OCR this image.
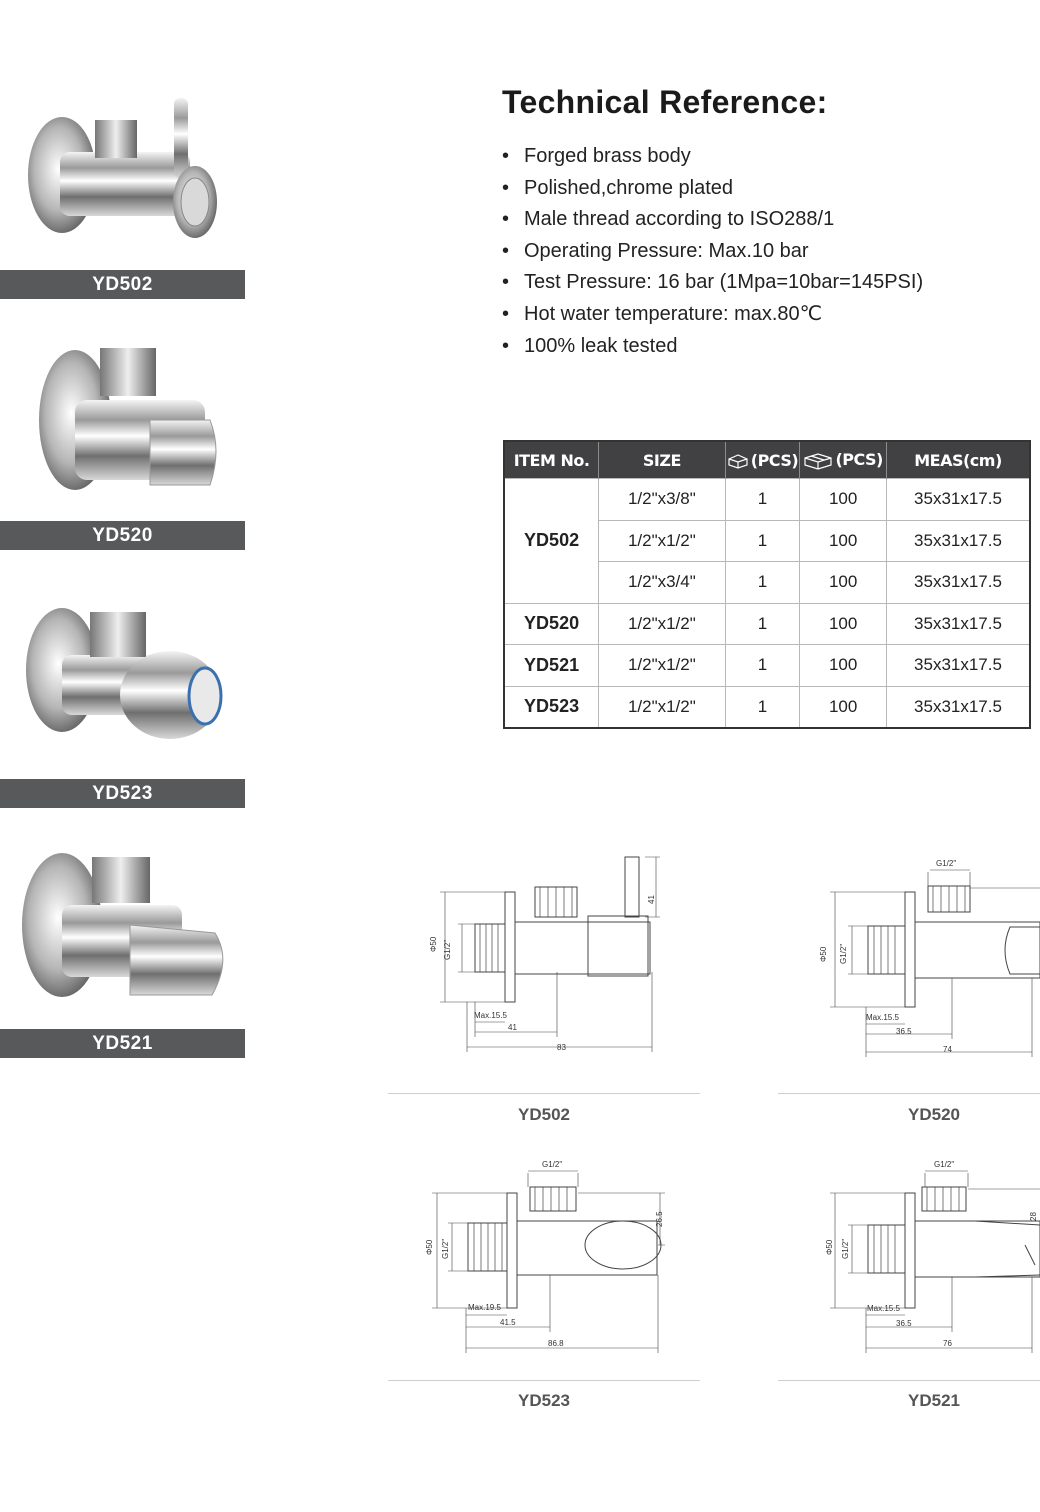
YD502
YD520
YD523
YD521
Technical Reference:
• Forged brass body
• Polished,chrome plated
• Male thread according to ISO288/1
• Operating Pressure: Max.10 bar
• Test Pressure: 16 bar (1Mpa=10bar=145PSI)
• Hot water temperature: max.80℃
• 100% leak tested
ITEM No.	SIZE	(PCS)	(PCS)	MEAS(cm)
YD502	1/2"x3/8"	1	100	35x31x17.5
	1/2"x1/2"	1	100	35x31x17.5
	1/2"x3/4"	1	100	35x31x17.5
YD520	1/2"x1/2"	1	100	35x31x17.5
YD521	1/2"x1/2"	1	100	35x31x17.5
YD523	1/2"x1/2"	1	100	35x31x17.5
Φ50 G1/2"
Max.15.5
41
83
41
YD502
Φ50 G1/2"
G1/2"
Max.15.5
36.5
74
YD520
Φ50 G1/2"
G1/2"
Max.19.5
41.5
86.8
26.5
YD523
Φ50 G1/2"
G1/2"
Max.15.5
36.5
76
28
YD521
